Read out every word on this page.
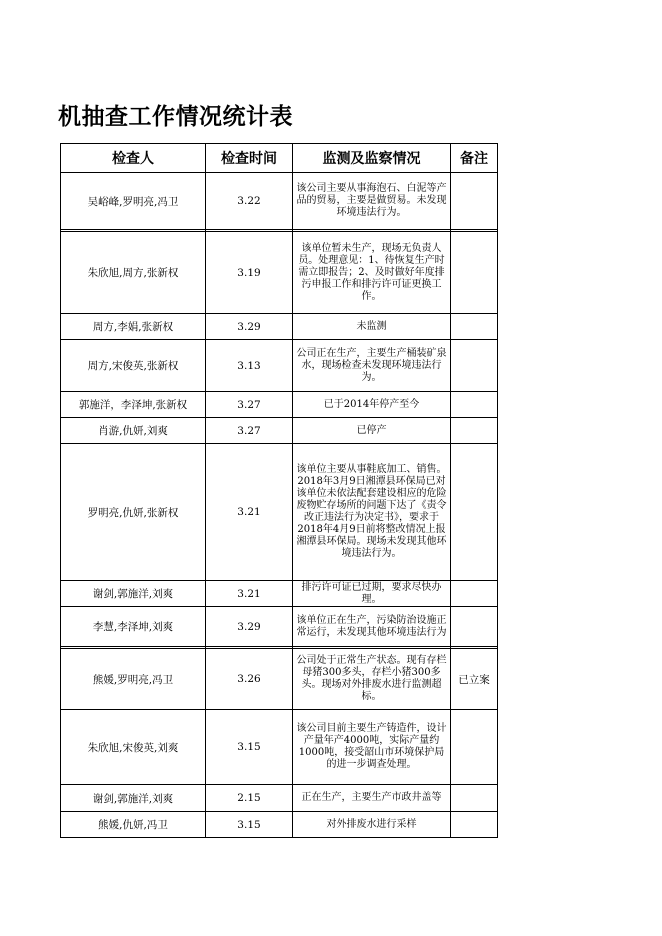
机抽查工作情况统计表
检查人	检查时间	监测及监察情况	备注
吴峪峰,罗明亮,冯卫	3.22	该公司主要从事海泡石、白泥等产品的贸易，主要是做贸易。未发现环境违法行为。	

朱欣旭,周方,张新权	3.19	该单位暂未生产，现场无负责人员。处理意见：1、待恢复生产时需立即报告；2、及时做好年度排污申报工作和排污许可证更换工作。	
周方,李娟,张新权	3.29	未监测	
周方,宋俊英,张新权	3.13	公司正在生产，主要生产桶装矿泉水，现场检查未发现环境违法行为。	
郭施洋，李泽坤,张新权	3.27	已于2014年停产至今	
肖游,仇妍,刘爽	3.27	已停产	
罗明亮,仇妍,张新权	3.21	该单位主要从事鞋底加工、销售。2018年3月9日湘潭县环保局已对该单位未依法配套建设相应的危险废物贮存场所的问题下达了《责令改正违法行为决定书》，要求于2018年4月9日前将整改情况上报湘潭县环保局。现场未发现其他环境违法行为。	
谢剑,郭施洋,刘爽	3.21	排污许可证已过期，要求尽快办理。	
李慧,李泽坤,刘爽	3.29	该单位正在生产，污染防治设施正常运行，未发现其他环境违法行为	

熊媛,罗明亮,冯卫	3.26	公司处于正常生产状态。现有存栏母猪300多头，存栏小猪300多头。现场对外排废水进行监测超标。	已立案
朱欣旭,宋俊英,刘爽	3.15	该公司目前主要生产铸造件，设计产量年产4000吨，实际产量约1000吨，接受韶山市环境保护局的进一步调查处理。	
谢剑,郭施洋,刘爽	2.15	正在生产，主要生产市政井盖等	
熊媛,仇妍,冯卫	3.15	对外排废水进行采样	
